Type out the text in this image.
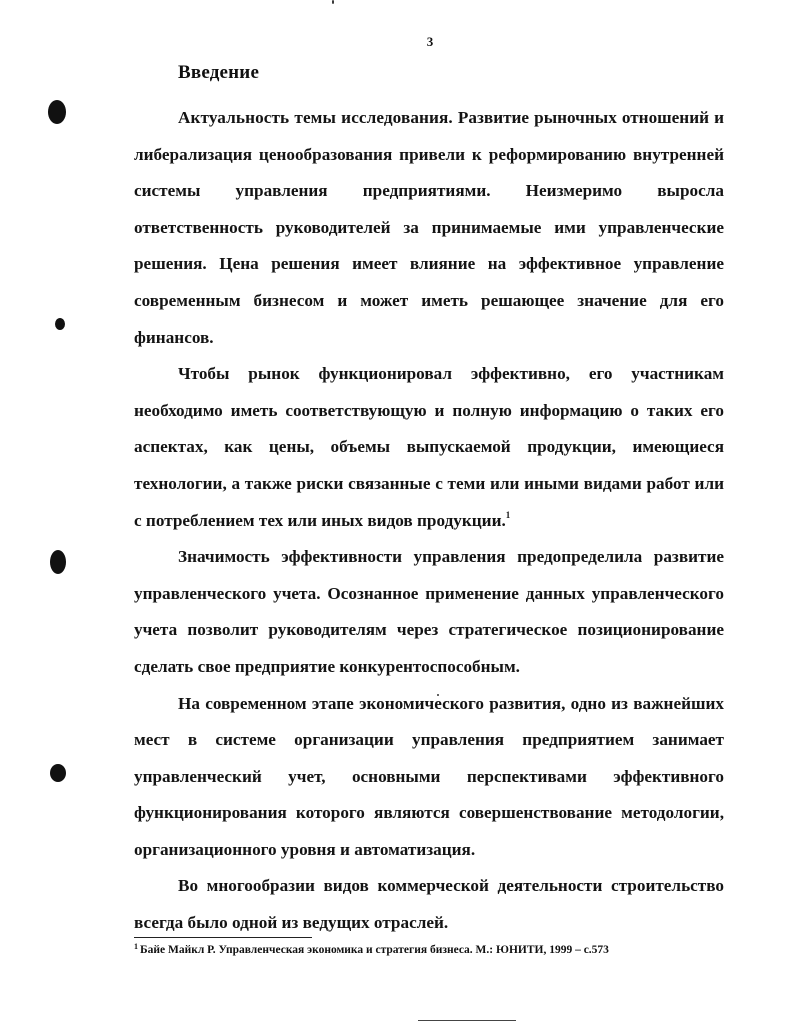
3
Введение

Актуальность темы исследования. Развитие рыночных отношений и либерализация ценообразования привели к реформированию внутренней системы управления предприятиями. Неизмеримо выросла ответственность руководителей за принимаемые ими управленческие решения. Цена решения имеет влияние на эффективное управление современным бизнесом и может иметь решающее значение для его финансов.

Чтобы рынок функционировал эффективно, его участникам необходимо иметь соответствующую и полную информацию о таких его аспектах, как цены, объемы выпускаемой продукции, имеющиеся технологии, а также риски связанные с теми или иными видами работ или с потреблением тех или иных видов продукции.$^1$

Значимость эффективности управления предопределила развитие управленческого учета. Осознанное применение данных управленческого учета позволит руководителям через стратегическое позиционирование сделать свое предприятие конкурентоспособным.

На современном этапе экономического развития, одно из важнейших мест в системе организации управления предприятием занимает управленческий учет, основными перспективами эффективного функционирования которого являются совершенствование методологии, организационного уровня и автоматизация.

Во многообразии видов коммерческой деятельности строительство всегда было одной из ведущих отраслей.

$^1$ Байе Майкл Р. Управленческая экономика и стратегия бизнеса. М.: ЮНИТИ, 1999 – с.573
